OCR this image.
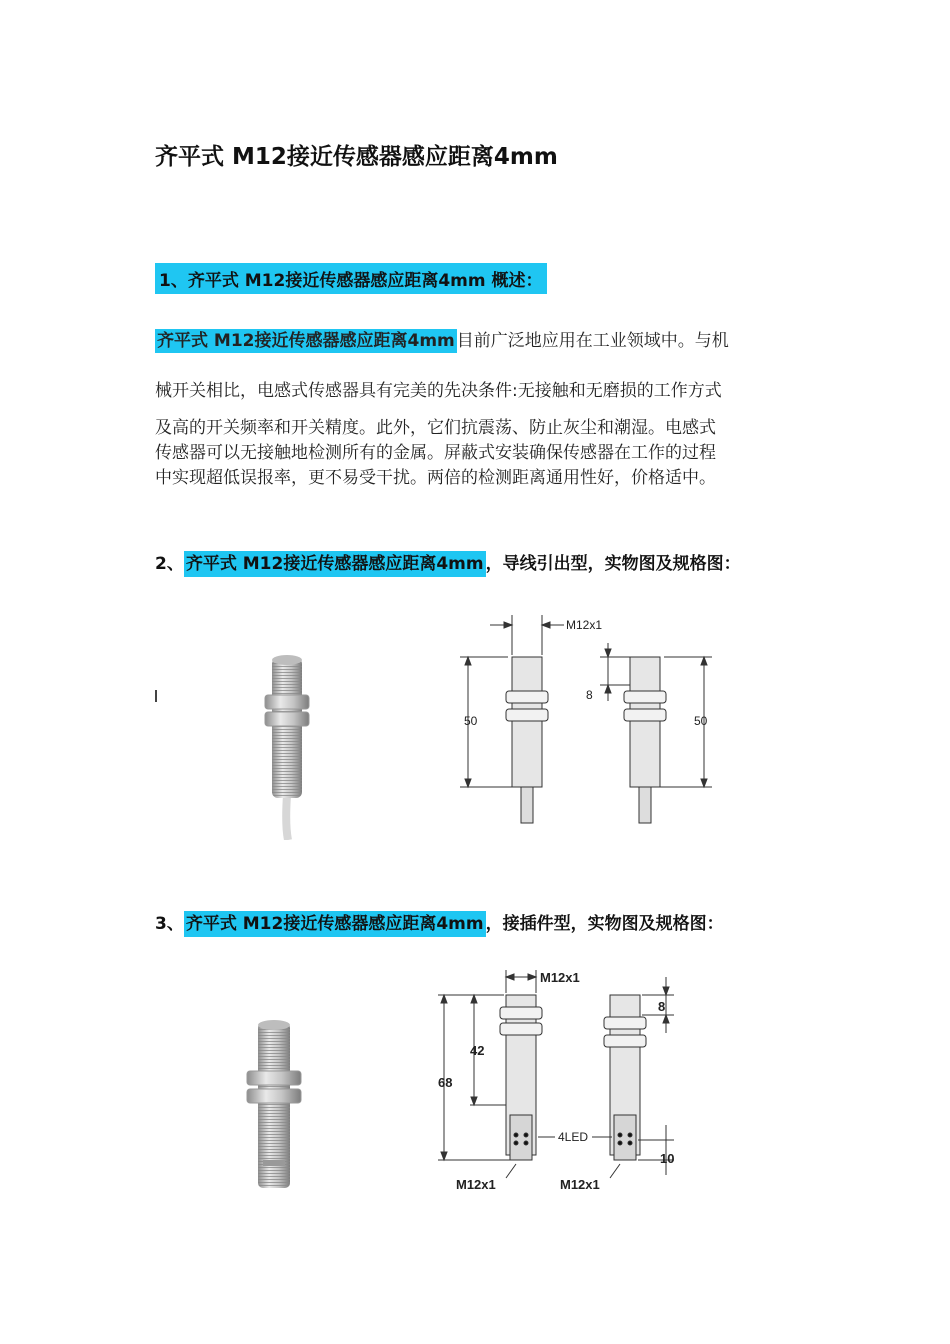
齐平式 M12接近传感器感应距离4mm
1、齐平式 M12接近传感器感应距离4mm 概述：
齐平式 M12接近传感器感应距离4mm 目前广泛地应用在工业领域中。与机
械开关相比，电感式传感器具有完美的先决条件:无接触和无磨损的工作方式
及高的开关频率和开关精度。此外，它们抗震荡、防止灰尘和潮湿。电感式
传感器可以无接触地检测所有的金属。屏蔽式安装确保传感器在工作的过程
中实现超低误报率，更不易受干扰。两倍的检测距离通用性好，价格适中。
2、 齐平式 M12接近传感器感应距离4mm ，导线引出型，实物图及规格图：
M12x1
50
8
50
3、 齐平式 M12接近传感器感应距离4mm ，接插件型，实物图及规格图：
M12x1
42
68
8
4LED
10
M12x1	M12x1
